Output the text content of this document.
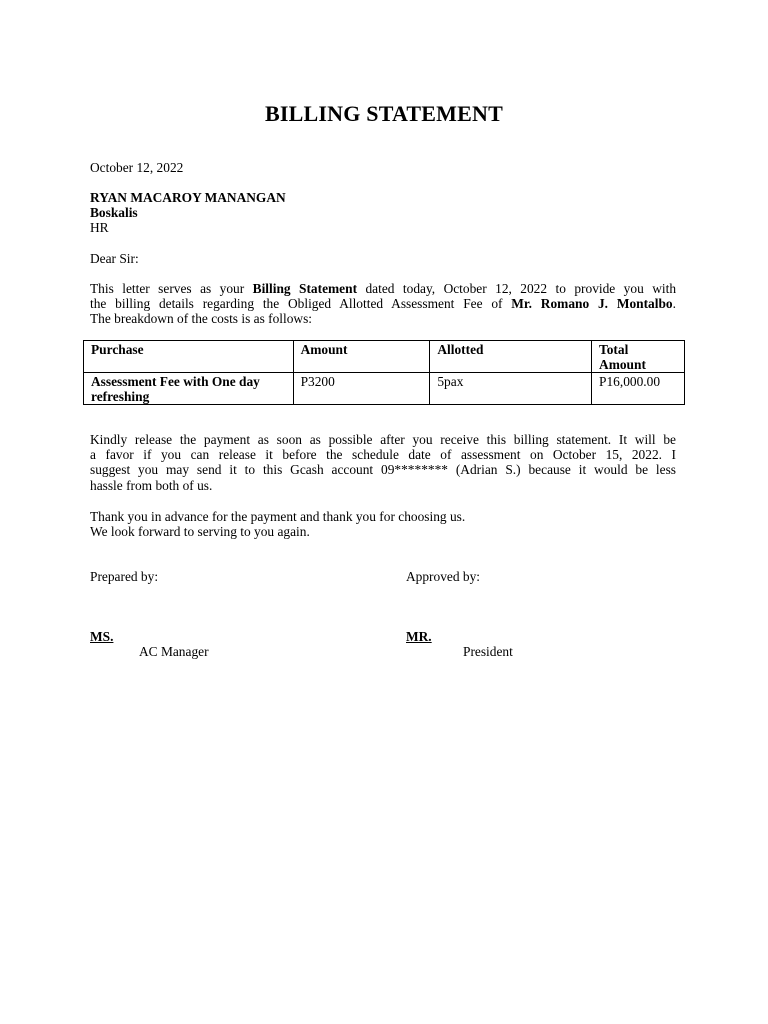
BILLING STATEMENT
October 12, 2022
RYAN MACAROY MANANGAN
Boskalis
HR
Dear Sir:
This letter serves as your Billing Statement dated today, October 12, 2022 to provide you with
the billing details regarding the Obliged Allotted Assessment Fee of Mr. Romano J. Montalbo.
The breakdown of the costs is as follows:
Purchase	Amount	Allotted	Total
Amount
Assessment Fee with One day
refreshing	P3200	5pax	P16,000.00
Kindly release the payment as soon as possible after you receive this billing statement. It will be
a favor if you can release it before the schedule date of assessment on October 15, 2022. I
suggest you may send it to this Gcash account 09******** (Adrian S.) because it would be less
hassle from both of us.
Thank you in advance for the payment and thank you for choosing us.
We look forward to serving to you again.
Prepared by:	Approved by:
MS.
AC Manager
MR.
President
